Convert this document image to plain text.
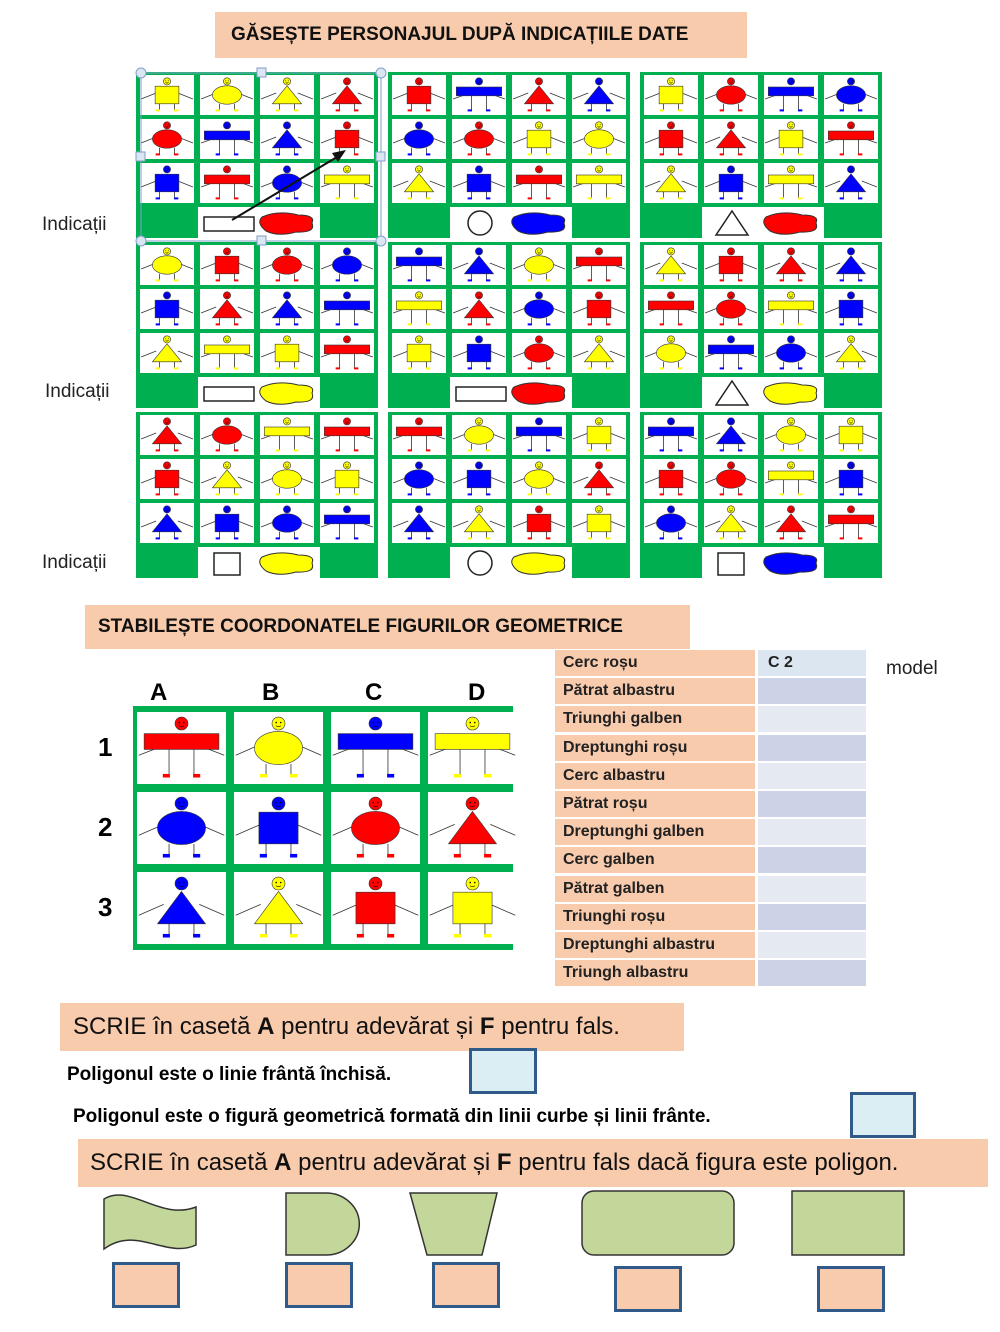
GĂSEȘTE PERSONAJUL DUPĂ INDICAȚIILE DATE
Indicații
Indicații
Indicații
STABILEȘTE COORDONATELE FIGURILOR GEOMETRICE
A	B	C	D
1
2
3
Cerc roșu	C 2
Pătrat albastru
Triunghi galben
Dreptunghi roșu
Cerc albastru
Pătrat roșu
Dreptunghi galben
Cerc galben
Pătrat galben
Triunghi roșu
Dreptunghi albastru
Triungh albastru
model
SCRIE în casetă A pentru adevărat și F pentru fals.
Poligonul este o linie frântă închisă.
Poligonul este o figură geometrică formată din linii curbe și linii frânte.
SCRIE în casetă A pentru adevărat și F pentru fals dacă figura este poligon.
